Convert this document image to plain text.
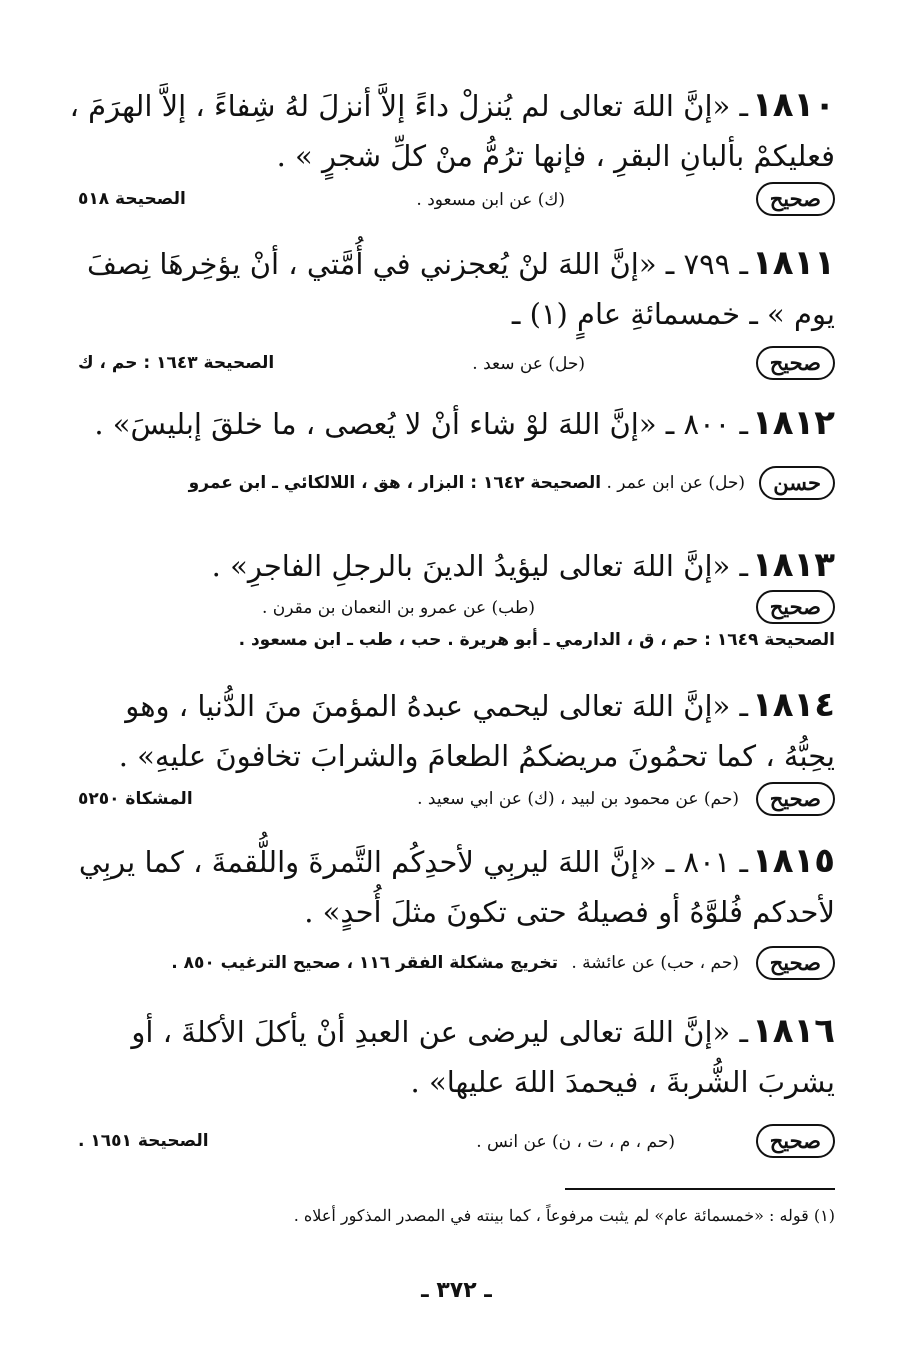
١٨١٠ـ «إنَّ اللهَ تعالى لم يُنزلْ داءً إلاَّ أنزلَ لهُ شِفاءً ، إلاَّ الهرَمَ ،
فعليكمْ بألبانِ البقرِ ، فإنها ترُمُّ منْ كلِّ شجرٍ » .
صحيح
(ك) عن ابن مسعود .
الصحيحة ٥١٨
١٨١١ـ ٧٩٩ ـ «إنَّ اللهَ لنْ يُعجزني في أُمَّتي ، أنْ يؤخِرهَا نِصفَ
يوم » ـ خمسمائةِ عامٍ (١) ـ
صحيح
(حل) عن سعد .
الصحيحة ١٦٤٣ : حم ، ك
١٨١٢ـ ٨٠٠ ـ «إنَّ اللهَ لوْ شاء أنْ لا يُعصى ، ما خلقَ إبليسَ» .
حسن
(حل) عن ابن عمر . الصحيحة ١٦٤٢ : البزار ، هق ، اللالكائي ـ ابن عمرو
١٨١٣ـ «إنَّ اللهَ تعالى ليؤيدُ الدينَ بالرجلِ الفاجرِ» .
صحيح
(طب) عن عمرو بن النعمان بن مقرن .
الصحيحة ١٦٤٩ : حم ، ق ، الدارمي ـ أبو هريرة . حب ، طب ـ ابن مسعود .
١٨١٤ـ «إنَّ اللهَ تعالى ليحمي عبدهُ المؤمنَ منَ الدُّنيا ، وهو
يحِبُّهُ ، كما تحمُونَ مريضكمُ الطعامَ والشرابَ تخافونَ عليهِ» .
صحيح
(حم) عن محمود بن لبيد ، (ك) عن ابي سعيد .
المشكاة ٥٢٥٠
١٨١٥ـ ٨٠١ ـ «إنَّ اللهَ ليربِي لأحدِكُم التَّمرةَ واللُّقمةَ ، كما يربِي
لأحدكم فُلوَّهُ أو فصيلهُ حتى تكونَ مثلَ أُحدٍ» .
صحيح
(حم ، حب) عن عائشة . تخريج مشكلة الفقر ١١٦ ، صحيح الترغيب ٨٥٠ .
١٨١٦ـ «إنَّ اللهَ تعالى ليرضى عن العبدِ أنْ يأكلَ الأكلةَ ، أو
يشربَ الشُّربةَ ، فيحمدَ اللهَ عليها» .
صحيح
(حم ، م ، ت ، ن) عن انس .
الصحيحة ١٦٥١ .
(١) قوله : «خمسمائة عام» لم يثبت مرفوعاً ، كما بينته في المصدر المذكور أعلاه .
ـ ٣٧٢ ـ
